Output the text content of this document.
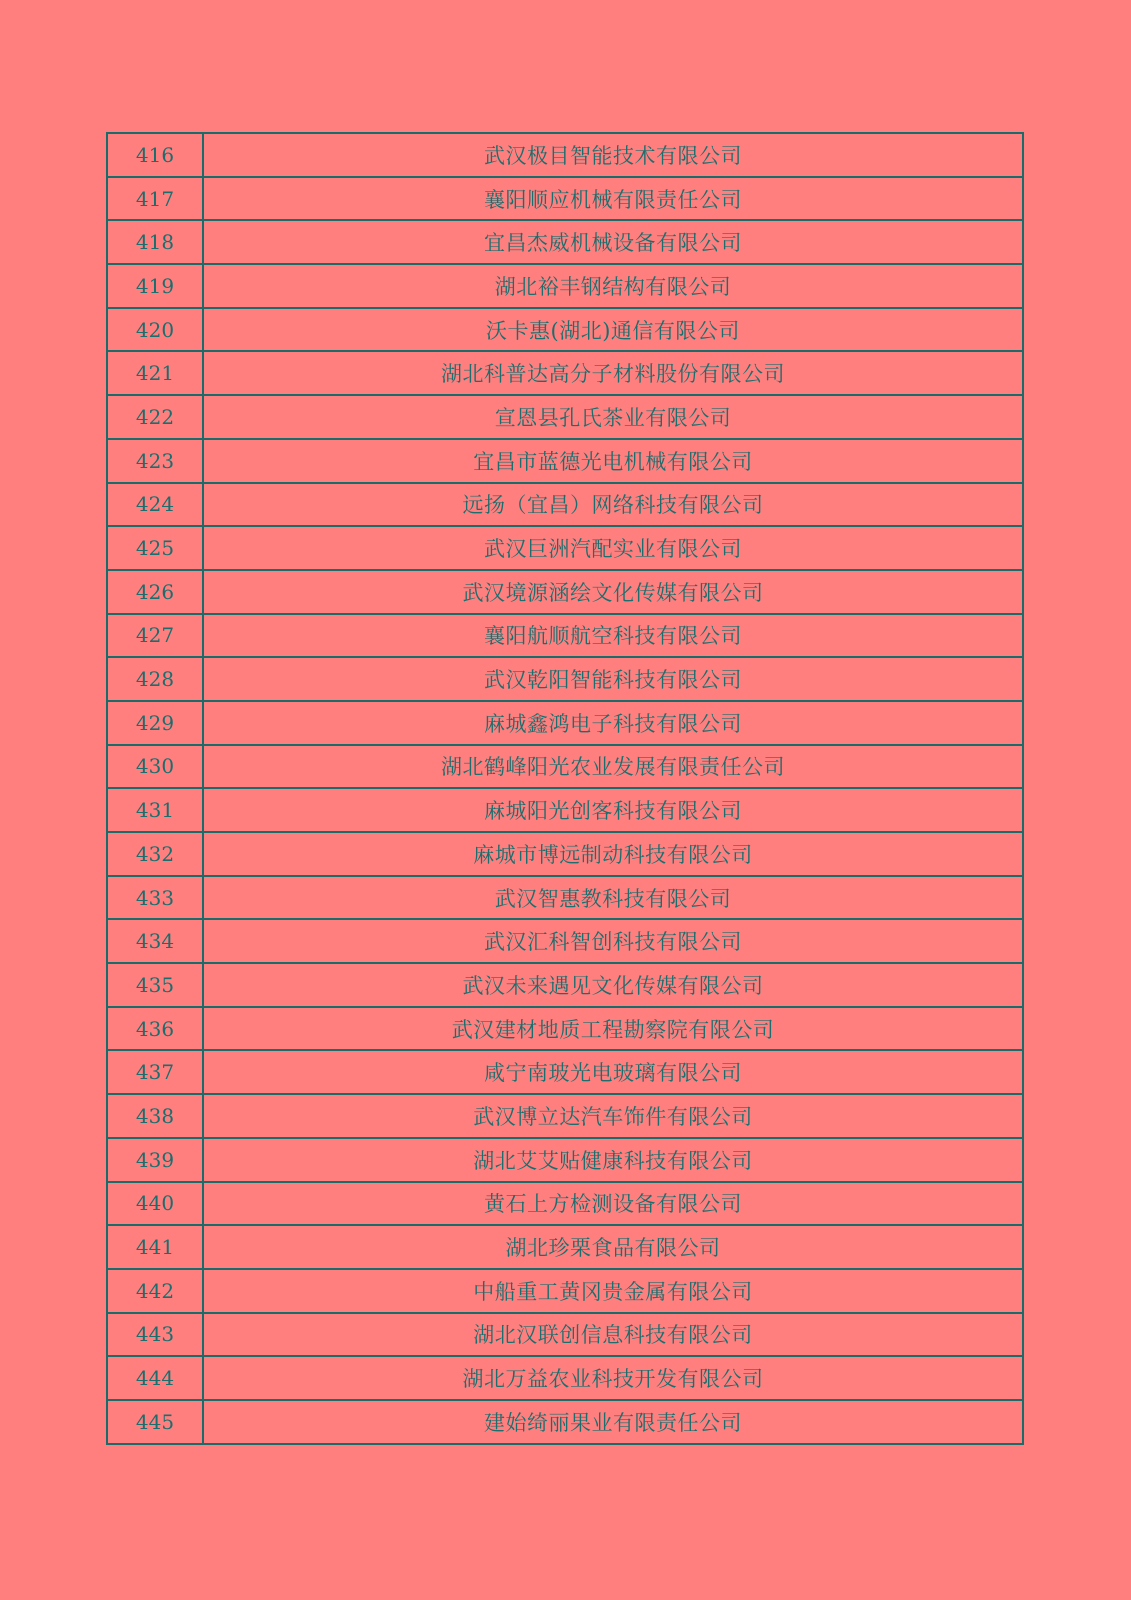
416	武汉极目智能技术有限公司
417	襄阳顺应机械有限责任公司
418	宜昌杰威机械设备有限公司
419	湖北裕丰钢结构有限公司
420	沃卡惠(湖北)通信有限公司
421	湖北科普达高分子材料股份有限公司
422	宣恩县孔氏茶业有限公司
423	宜昌市蓝德光电机械有限公司
424	远扬（宜昌）网络科技有限公司
425	武汉巨洲汽配实业有限公司
426	武汉境源涵绘文化传媒有限公司
427	襄阳航顺航空科技有限公司
428	武汉乾阳智能科技有限公司
429	麻城鑫鸿电子科技有限公司
430	湖北鹤峰阳光农业发展有限责任公司
431	麻城阳光创客科技有限公司
432	麻城市博远制动科技有限公司
433	武汉智惠教科技有限公司
434	武汉汇科智创科技有限公司
435	武汉未来遇见文化传媒有限公司
436	武汉建材地质工程勘察院有限公司
437	咸宁南玻光电玻璃有限公司
438	武汉博立达汽车饰件有限公司
439	湖北艾艾贴健康科技有限公司
440	黄石上方检测设备有限公司
441	湖北珍栗食品有限公司
442	中船重工黄冈贵金属有限公司
443	湖北汉联创信息科技有限公司
444	湖北万益农业科技开发有限公司
445	建始绮丽果业有限责任公司
